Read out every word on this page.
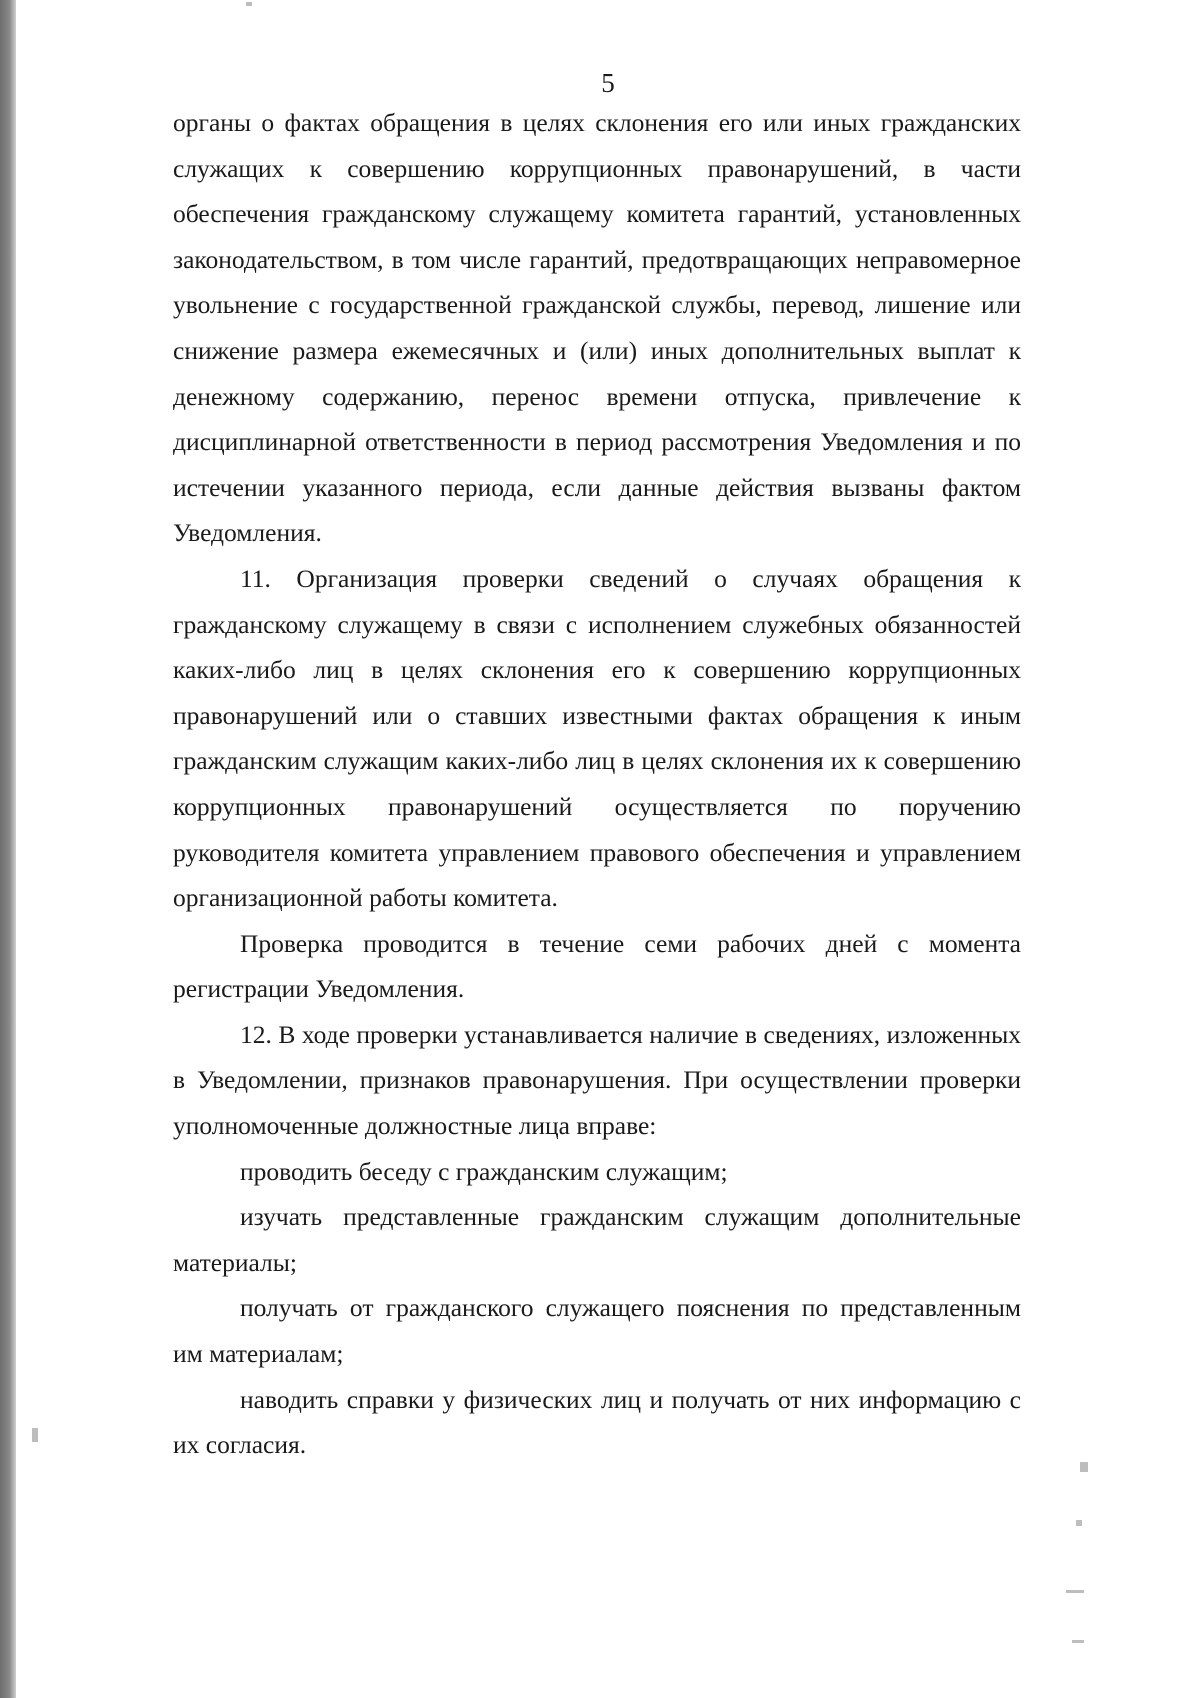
5

органы о фактах обращения в целях склонения его или иных гражданских служащих к совершению коррупционных правонарушений, в части обеспечения гражданскому служащему комитета гарантий, установленных законодательством, в том числе гарантий, предотвращающих неправомерное увольнение с государственной гражданской службы, перевод, лишение или снижение размера ежемесячных и (или) иных дополнительных выплат к денежному содержанию, перенос времени отпуска, привлечение к дисциплинарной ответственности в период рассмотрения Уведомления и по истечении указанного периода, если данные действия вызваны фактом Уведомления.

11. Организация проверки сведений о случаях обращения к гражданскому служащему в связи с исполнением служебных обязанностей каких-либо лиц в целях склонения его к совершению коррупционных правонарушений или о ставших известными фактах обращения к иным гражданским служащим каких-либо лиц в целях склонения их к совершению коррупционных правонарушений осуществляется по поручению руководителя комитета управлением правового обеспечения и управлением организационной работы комитета.

Проверка проводится в течение семи рабочих дней с момента регистрации Уведомления.

12. В ходе проверки устанавливается наличие в сведениях, изложенных в Уведомлении, признаков правонарушения. При осуществлении проверки уполномоченные должностные лица вправе:

проводить беседу с гражданским служащим;

изучать представленные гражданским служащим дополнительные материалы;

получать от гражданского служащего пояснения по представленным им материалам;

наводить справки у физических лиц и получать от них информацию с их согласия.
